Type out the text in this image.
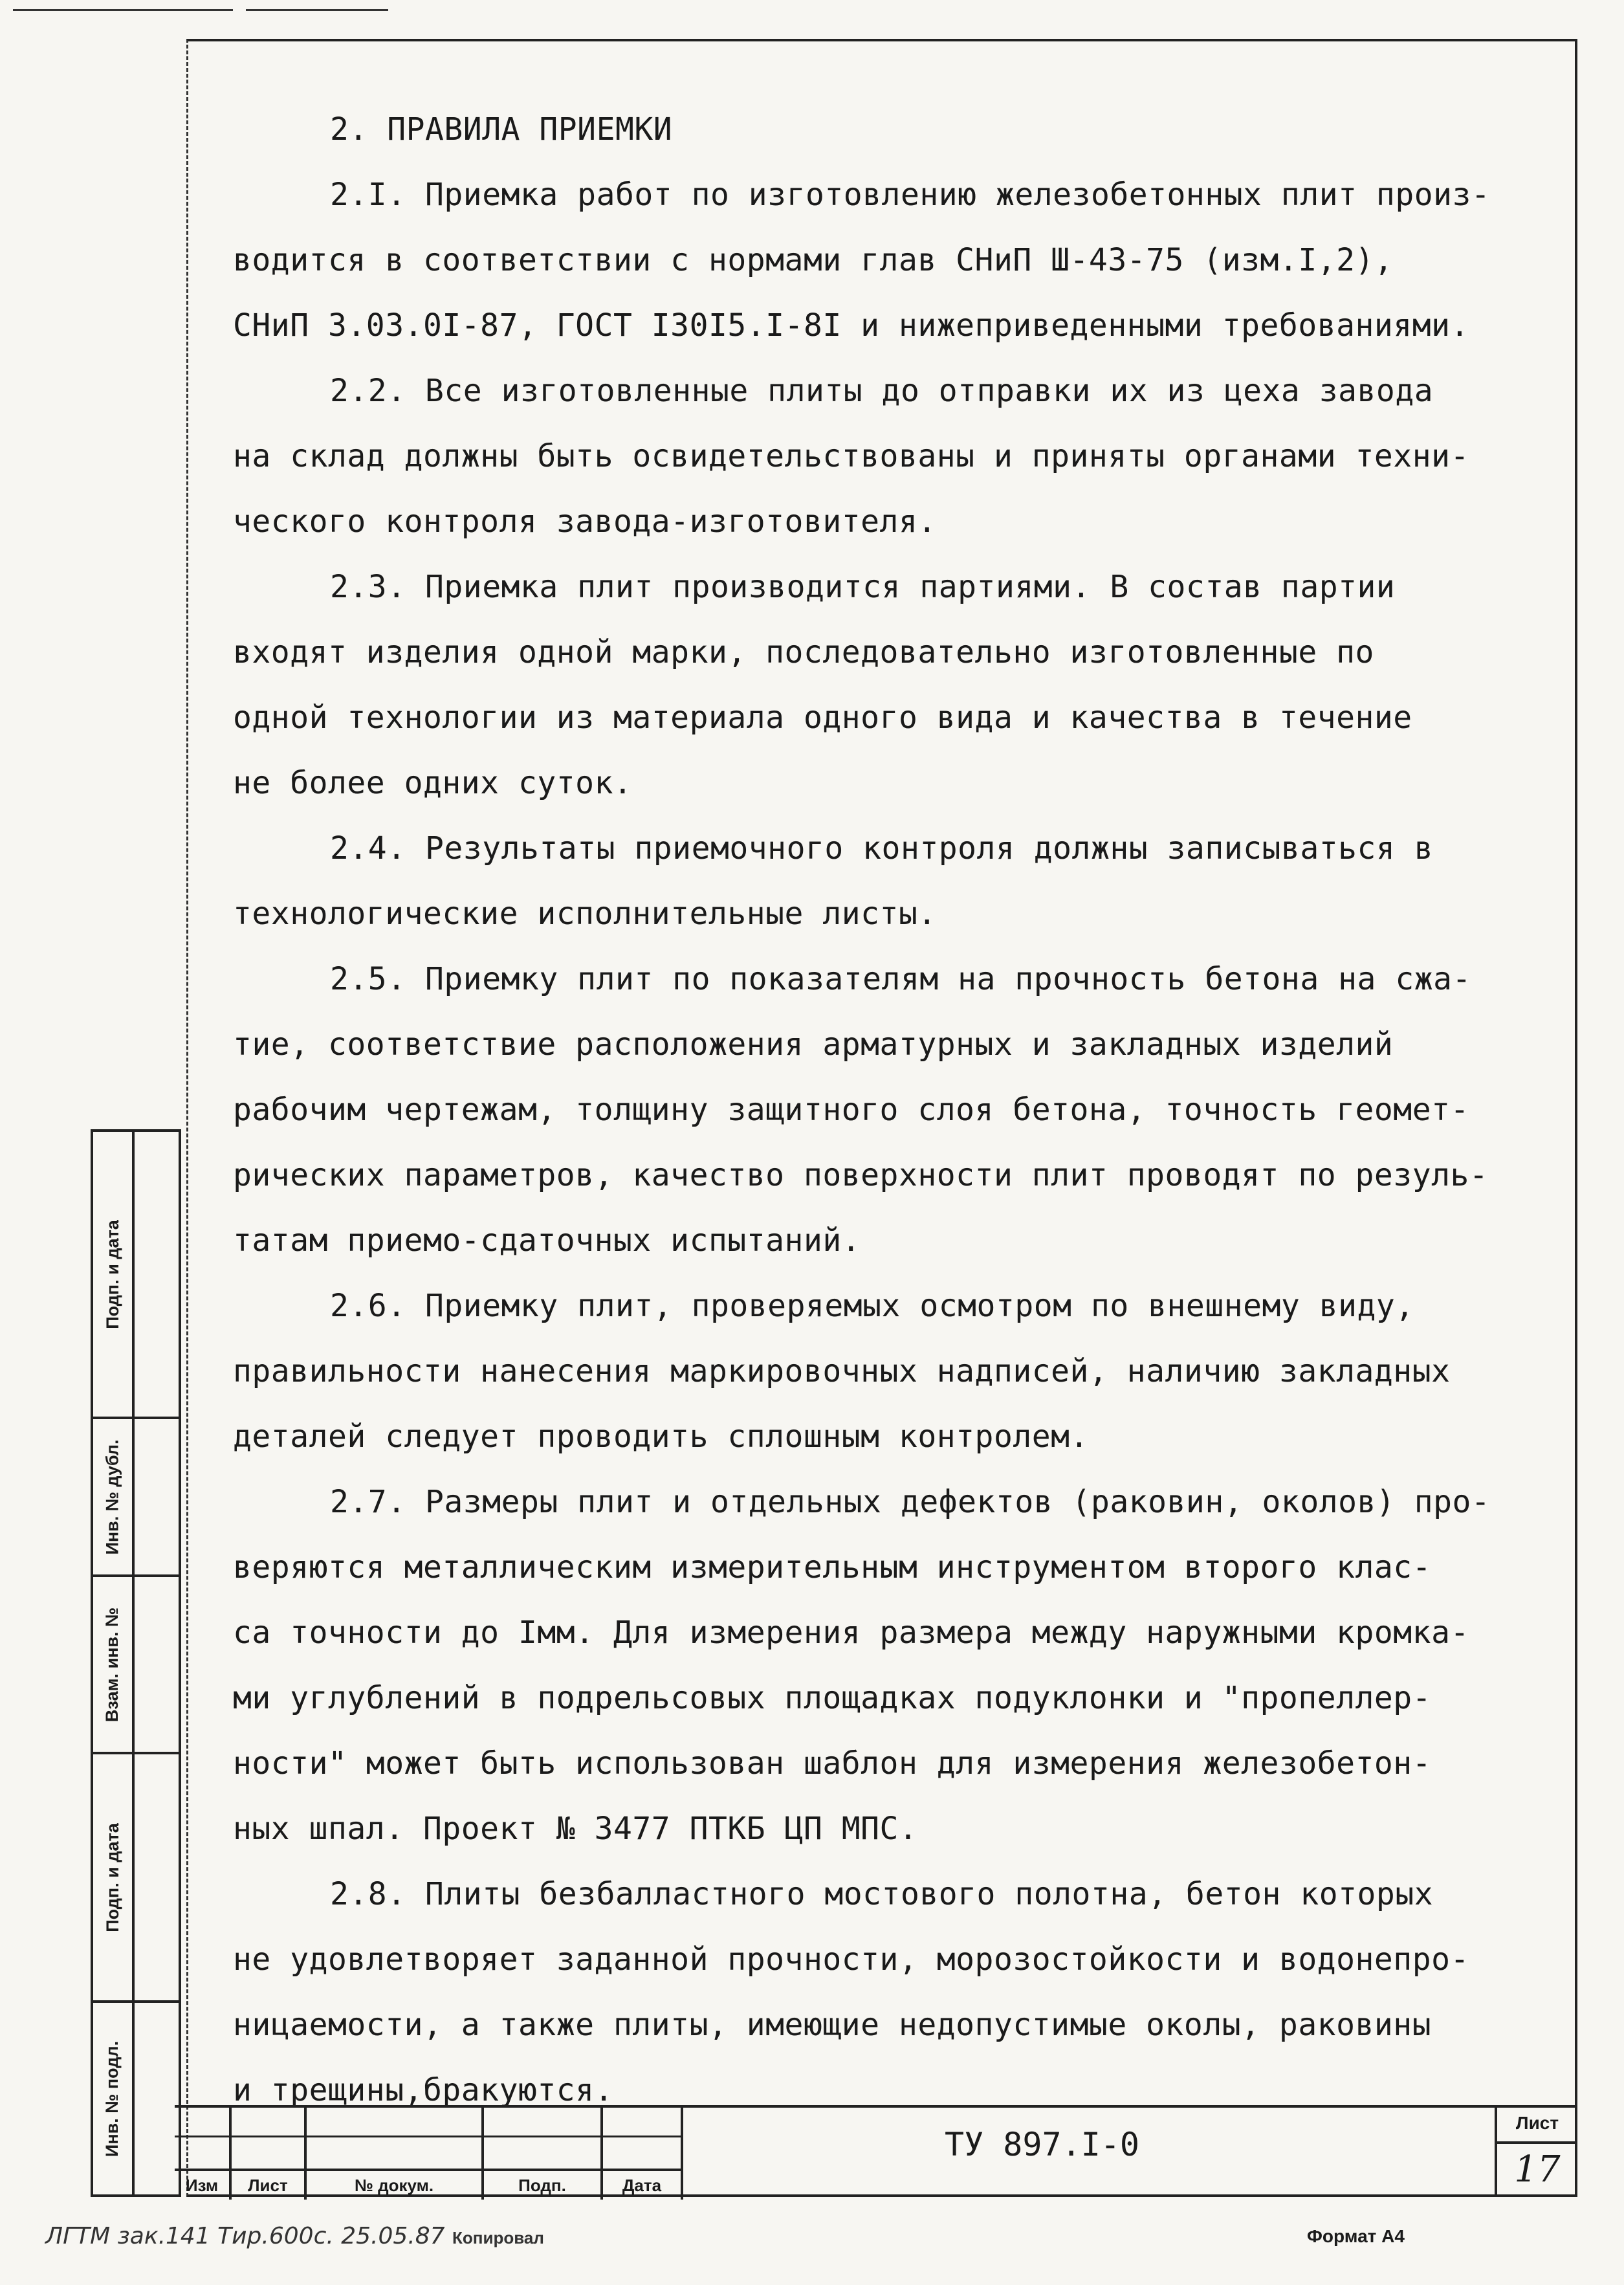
2. ПРАВИЛА ПРИЕМКИ
2.I. Приемка работ по изготовлению железобетонных плит произ-
водится в соответствии с нормами глав СНиП Ш-43-75 (изм.I,2),
СНиП 3.03.0I-87, ГОСТ I30I5.I-8I и нижеприведенными требованиями.
2.2. Все изготовленные плиты до отправки их из цеха завода
на склад должны быть освидетельствованы и приняты органами техни-
ческого контроля завода-изготовителя.
2.3. Приемка плит производится партиями. В состав партии
входят изделия одной марки, последовательно изготовленные по
одной технологии из материала одного вида и качества в течение
не более одних суток.
2.4. Результаты приемочного контроля должны записываться в
технологические исполнительные листы.
2.5. Приемку плит по показателям на прочность бетона на сжа-
тие, соответствие расположения арматурных и закладных изделий
рабочим чертежам, толщину защитного слоя бетона, точность геомет-
рических параметров, качество поверхности плит проводят по резуль-
татам приемо-сдаточных испытаний.
2.6. Приемку плит, проверяемых осмотром по внешнему виду,
правильности нанесения маркировочных надписей, наличию закладных
деталей следует проводить сплошным контролем.
2.7. Размеры плит и отдельных дефектов (раковин, околов) про-
веряются металлическим измерительным инструментом второго клас-
са точности до Iмм. Для измерения размера между наружными кромка-
ми углублений в подрельсовых площадках подуклонки и "пропеллер-
ности" может быть использован шаблон для измерения железобетон-
ных шпал. Проект № 3477 ПТКБ ЦП МПС.
2.8. Плиты безбалластного мостового полотна, бетон которых
не удовлетворяет заданной прочности, морозостойкости и водонепро-
ницаемости, а также плиты, имеющие недопустимые околы, раковины
и трещины,бракуются.
Подп. и дата
Инв. № дубл.
Взам. инв. №
Подп. и дата
Инв. № подл.
Изм	Лист	№ докум.	Подп.	Дата
ТУ 897.I-0
Лист
17
ЛГТМ зак.141 Тир.600с. 25.05.87 Копировал	Формат А4
